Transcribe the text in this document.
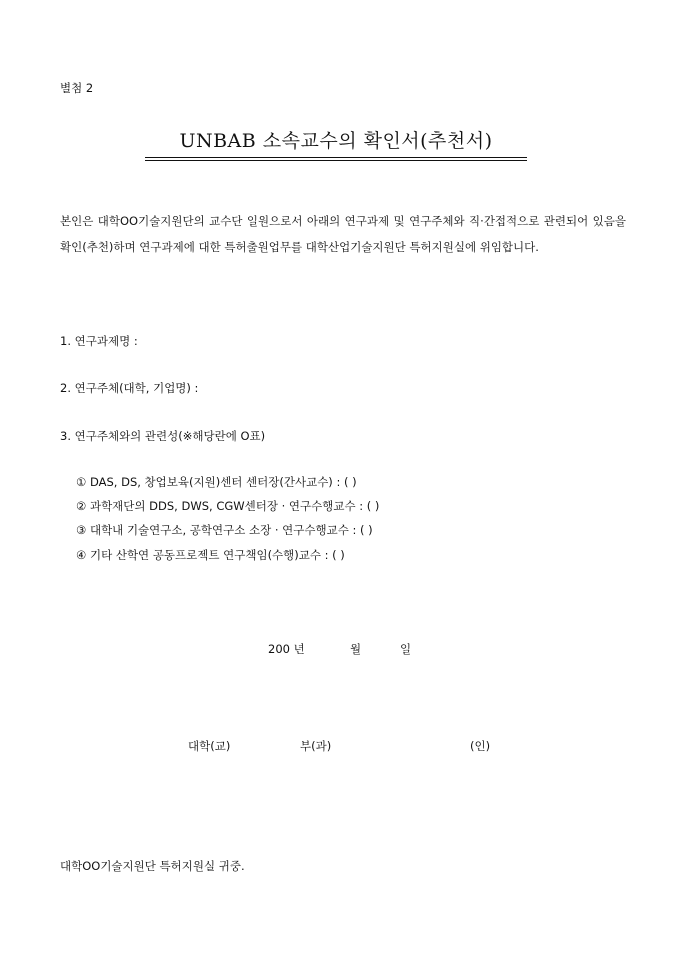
별첨 2
UNBAB 소속교수의 확인서(추천서)
본인은 대학OO기술지원단의 교수단 일원으로서 아래의 연구과제 및 연구주체와 직·간접적으로 관련되어 있음을 확인(추천)하며 연구과제에 대한 특허출원업무를 대학산업기술지원단 특허지원실에 위임합니다.
1. 연구과제명 :
2. 연구주체(대학, 기업명) :
3. 연구주체와의 관련성(※해당란에 O표)
① DAS, DS, 창업보육(지원)센터 센터장(간사교수) : ( )
② 과학재단의 DDS, DWS, CGW센터장 · 연구수행교수 : ( )
③ 대학내 기술연구소, 공학연구소 소장 · 연구수행교수 : ( )
④ 기타 산학연 공동프로젝트 연구책임(수행)교수 : ( )
200 년	월	일
대학(교)	부(과)	(인)
대학OO기술지원단 특허지원실 귀중.
